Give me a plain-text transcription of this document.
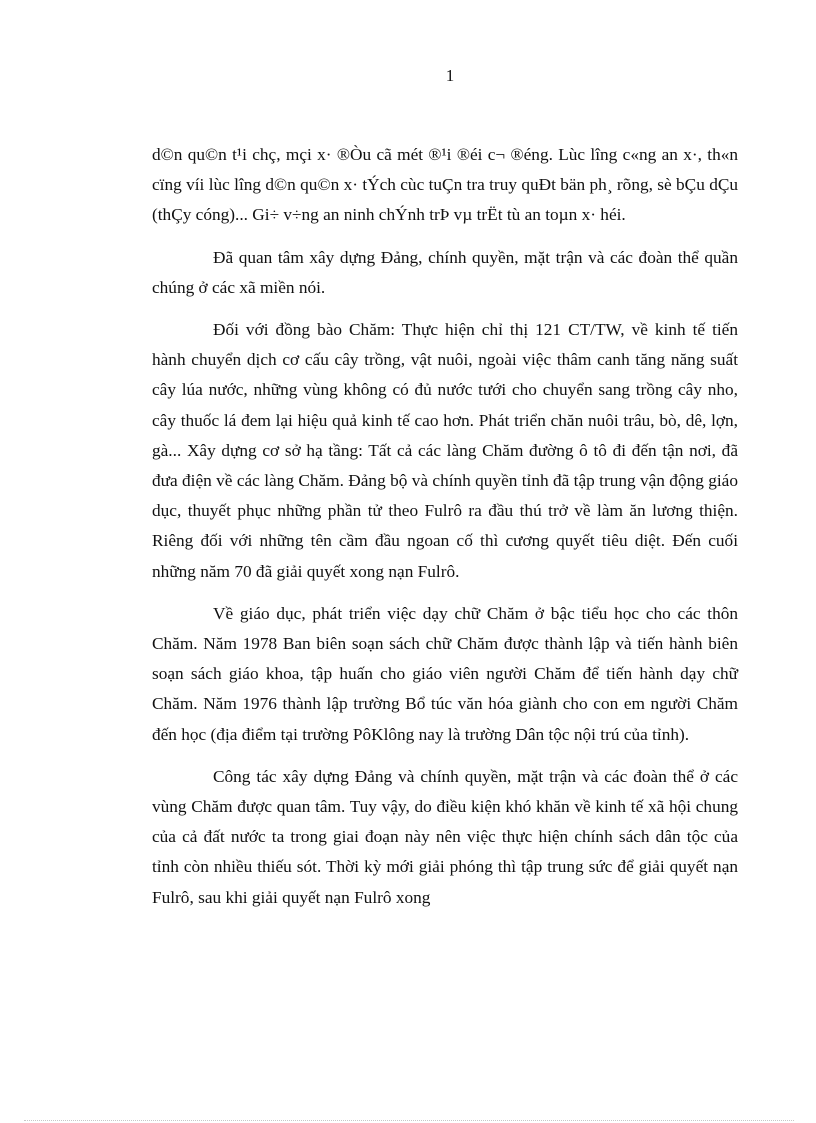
1

d©n qu©n t¹i chç, mçi x· ®Òu cã mét ®¹i ®éi c¬ ®éng. Lùc lîng c«ng an x·, th«n cïng víi lùc lîng d©n qu©n x· tÝch cùc tuÇn tra truy quÐt bän ph¸ rõng, sè bÇu dÇu (thÇy cóng)... Gi÷ v÷ng an ninh chÝnh trÞ vµ trËt tù an toµn x· héi.

Đã quan tâm xây dựng Đảng, chính quyền, mặt trận và các đoàn thể quần chúng ở các xã miền nói.

Đối với đồng bào Chăm: Thực hiện chỉ thị 121 CT/TW, về kinh tế tiến hành chuyển dịch cơ cấu cây trồng, vật nuôi, ngoài việc thâm canh tăng năng suất cây lúa nước, những vùng không có đủ nước tưới cho chuyển sang trồng cây nho, cây thuốc lá đem lại hiệu quả kinh tế cao hơn. Phát triển chăn nuôi trâu, bò, dê, lợn, gà... Xây dựng cơ sở hạ tầng: Tất cả các làng Chăm đường ô tô đi đến tận nơi, đã đưa điện về các làng Chăm. Đảng bộ và chính quyền tỉnh đã tập trung vận động giáo dục, thuyết phục những phần tử theo Fulrô ra đầu thú trở về làm ăn lương thiện. Riêng đối với những tên cầm đầu ngoan cố thì cương quyết tiêu diệt. Đến cuối những năm 70 đã giải quyết xong nạn Fulrô.

Về giáo dục, phát triển việc dạy chữ Chăm ở bậc tiểu học cho các thôn Chăm. Năm 1978 Ban biên soạn sách chữ Chăm được thành lập và tiến hành biên soạn sách giáo khoa, tập huấn cho giáo viên người Chăm để tiến hành dạy chữ Chăm. Năm 1976 thành lập trường Bổ túc văn hóa giành cho con em người Chăm đến học (địa điểm tại trường PôKlông nay là trường Dân tộc nội trú của tỉnh).

Công tác xây dựng Đảng và chính quyền, mặt trận và các đoàn thể ở các vùng Chăm được quan tâm. Tuy vậy, do điều kiện khó khăn về kinh tế xã hội chung của cả đất nước ta trong giai đoạn này nên việc thực hiện chính sách dân tộc của tỉnh còn nhiều thiếu sót. Thời kỳ mới giải phóng thì tập trung sức để giải quyết nạn Fulrô, sau khi giải quyết nạn Fulrô xong
